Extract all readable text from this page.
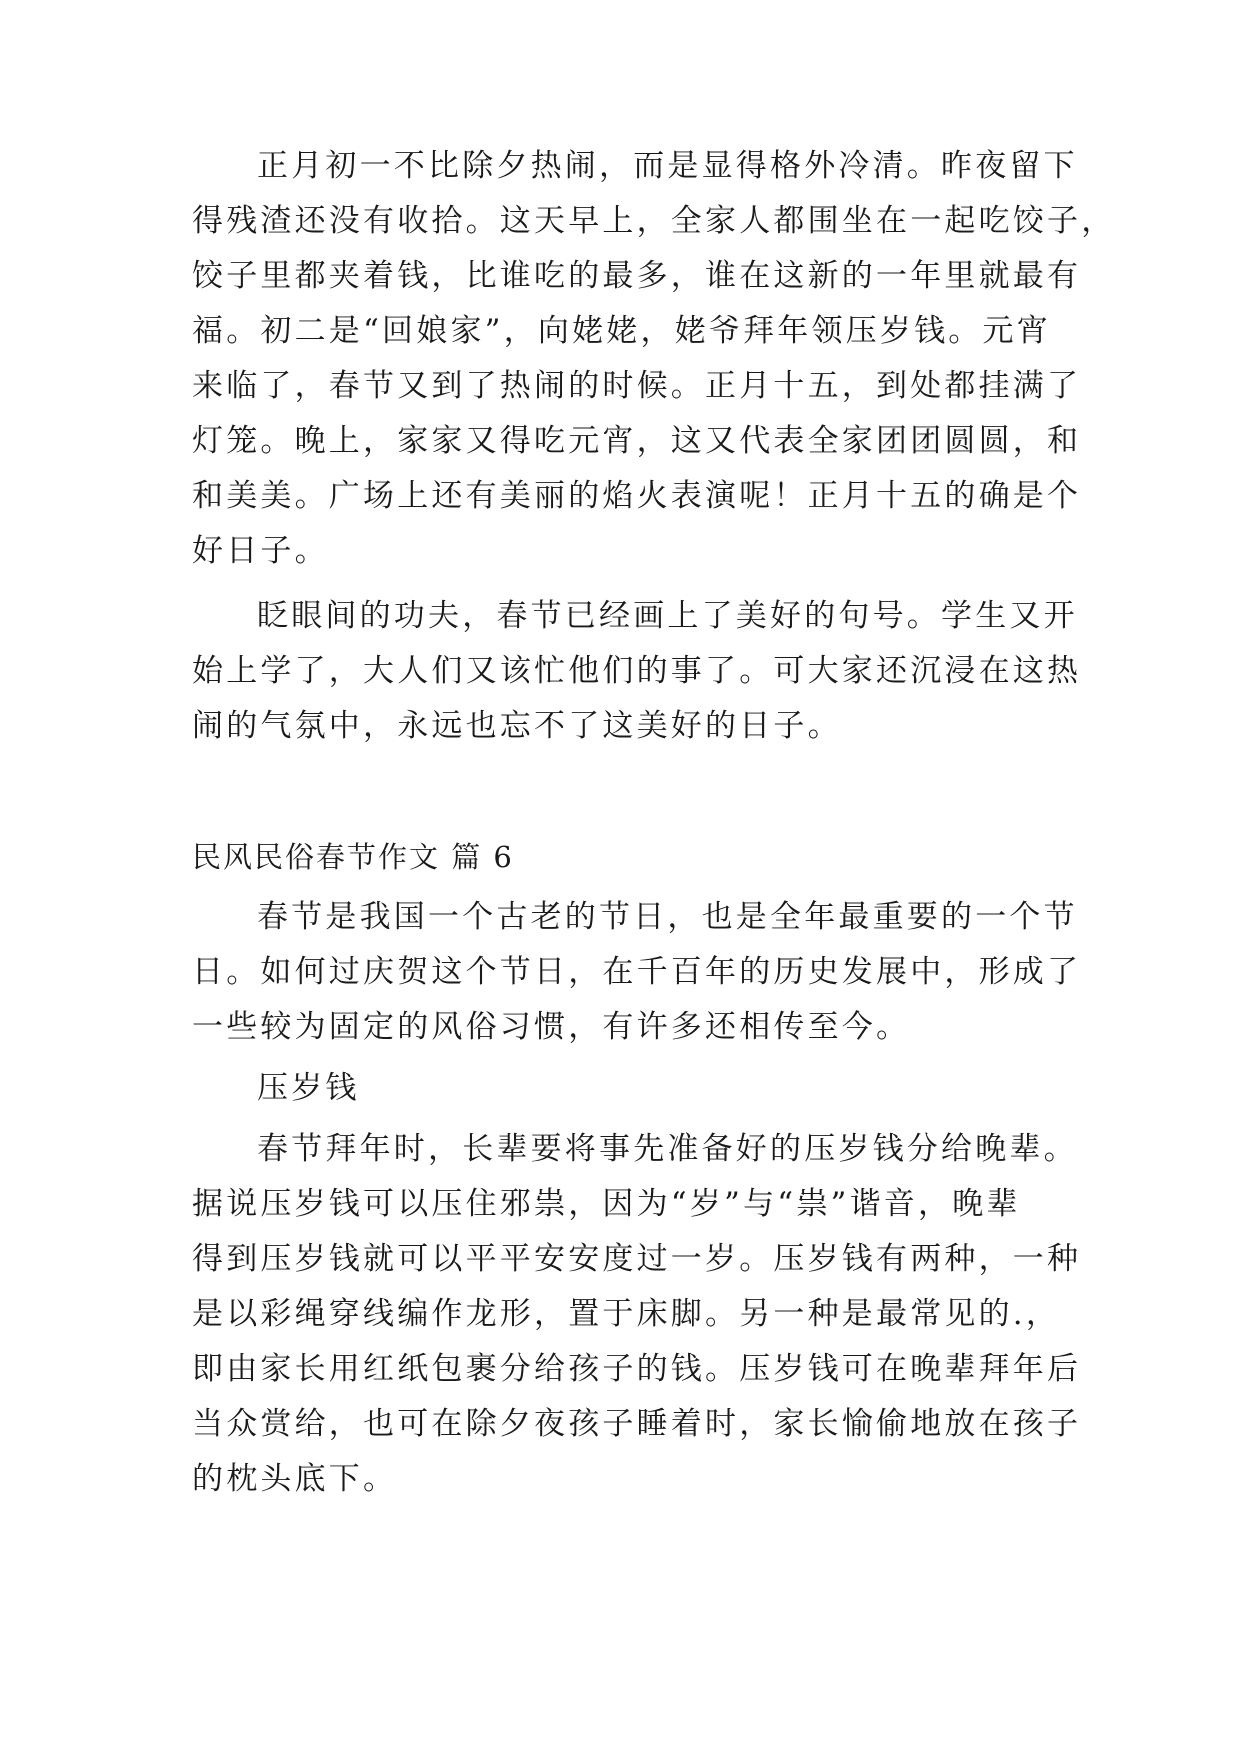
正月初一不比除夕热闹，而是显得格外冷清。昨夜留下
得残渣还没有收拾。这天早上，全家人都围坐在一起吃饺子，
饺子里都夹着钱，比谁吃的最多，谁在这新的一年里就最有
福。初二是“回娘家”，向姥姥，姥爷拜年领压岁钱。元宵
来临了，春节又到了热闹的时候。正月十五，到处都挂满了
灯笼。晚上，家家又得吃元宵，这又代表全家团团圆圆，和
和美美。广场上还有美丽的焰火表演呢！正月十五的确是个
好日子。
眨眼间的功夫，春节已经画上了美好的句号。学生又开
始上学了，大人们又该忙他们的事了。可大家还沉浸在这热
闹的气氛中，永远也忘不了这美好的日子。
民风民俗春节作文 篇 6
春节是我国一个古老的节日，也是全年最重要的一个节
日。如何过庆贺这个节日，在千百年的历史发展中，形成了
一些较为固定的风俗习惯，有许多还相传至今。
压岁钱
春节拜年时，长辈要将事先准备好的压岁钱分给晚辈。
据说压岁钱可以压住邪祟，因为“岁”与“祟”谐音，晚辈
得到压岁钱就可以平平安安度过一岁。压岁钱有两种，一种
是以彩绳穿线编作龙形，置于床脚。另一种是最常见的.，
即由家长用红纸包裹分给孩子的钱。压岁钱可在晚辈拜年后
当众赏给，也可在除夕夜孩子睡着时，家长愉偷地放在孩子
的枕头底下。
